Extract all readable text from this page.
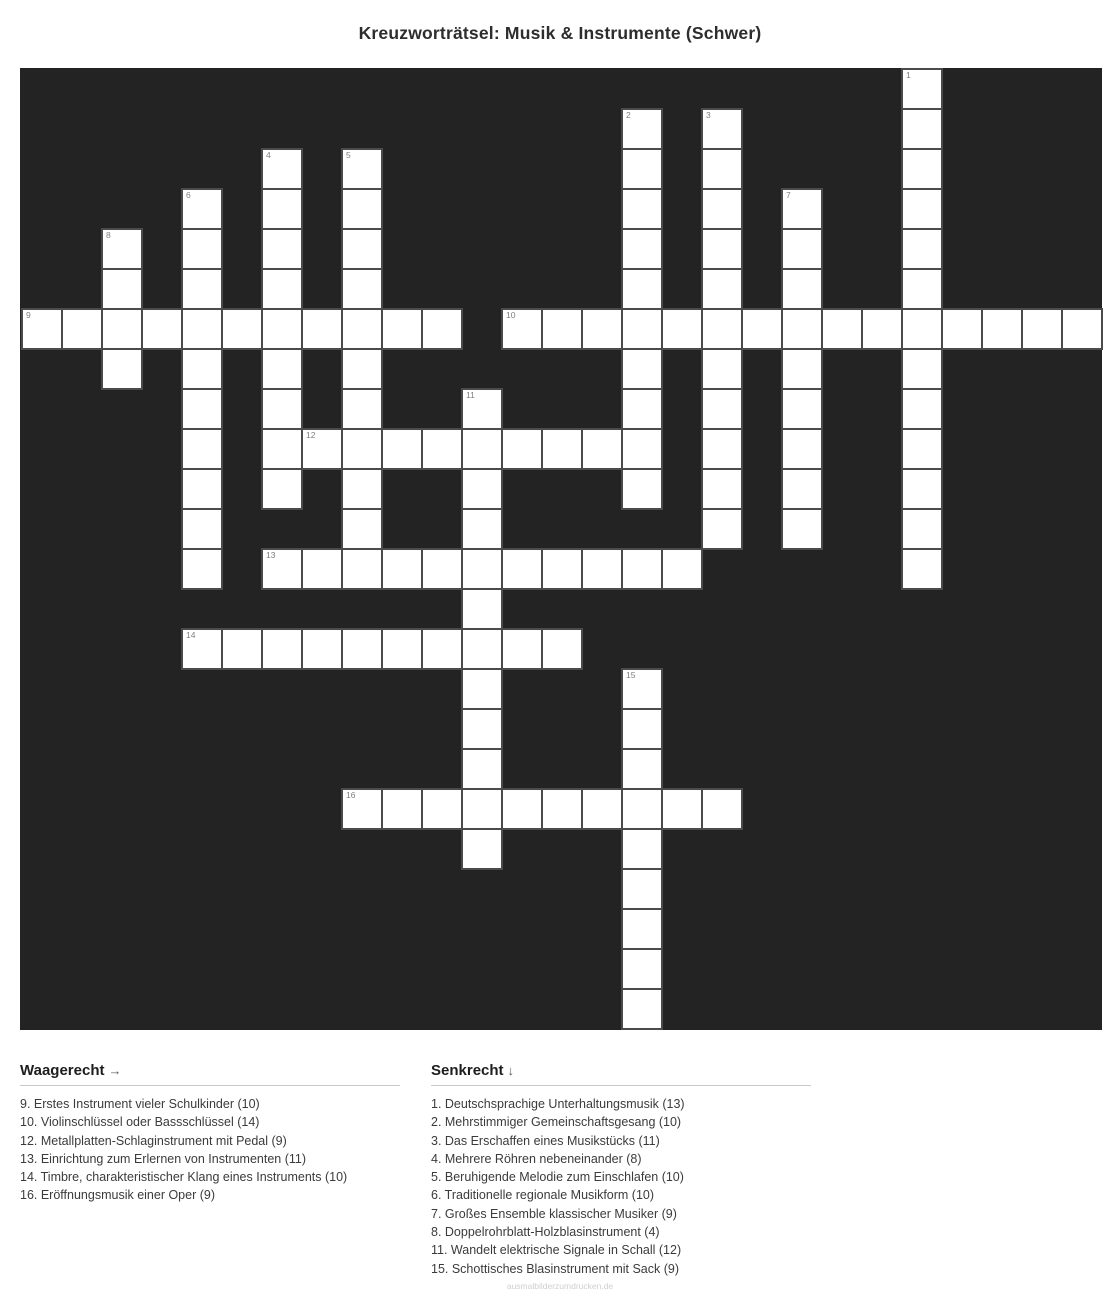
Kreuzworträtsel: Musik & Instrumente (Schwer)
9	10
12
13
14
16
1
2	3
4	5
6	7
8
11
15
Waagerecht →
9. Erstes Instrument vieler Schulkinder (10)
10. Violinschlüssel oder Bassschlüssel (14)
12. Metallplatten-Schlaginstrument mit Pedal (9)
13. Einrichtung zum Erlernen von Instrumenten (11)
14. Timbre, charakteristischer Klang eines Instruments (10)
16. Eröffnungsmusik einer Oper (9)
Senkrecht ↓
1. Deutschsprachige Unterhaltungsmusik (13)
2. Mehrstimmiger Gemeinschaftsgesang (10)
3. Das Erschaffen eines Musikstücks (11)
4. Mehrere Röhren nebeneinander (8)
5. Beruhigende Melodie zum Einschlafen (10)
6. Traditionelle regionale Musikform (10)
7. Großes Ensemble klassischer Musiker (9)
8. Doppelrohrblatt-Holzblasinstrument (4)
11. Wandelt elektrische Signale in Schall (12)
15. Schottisches Blasinstrument mit Sack (9)
ausmalbilderzumdrucken.de
